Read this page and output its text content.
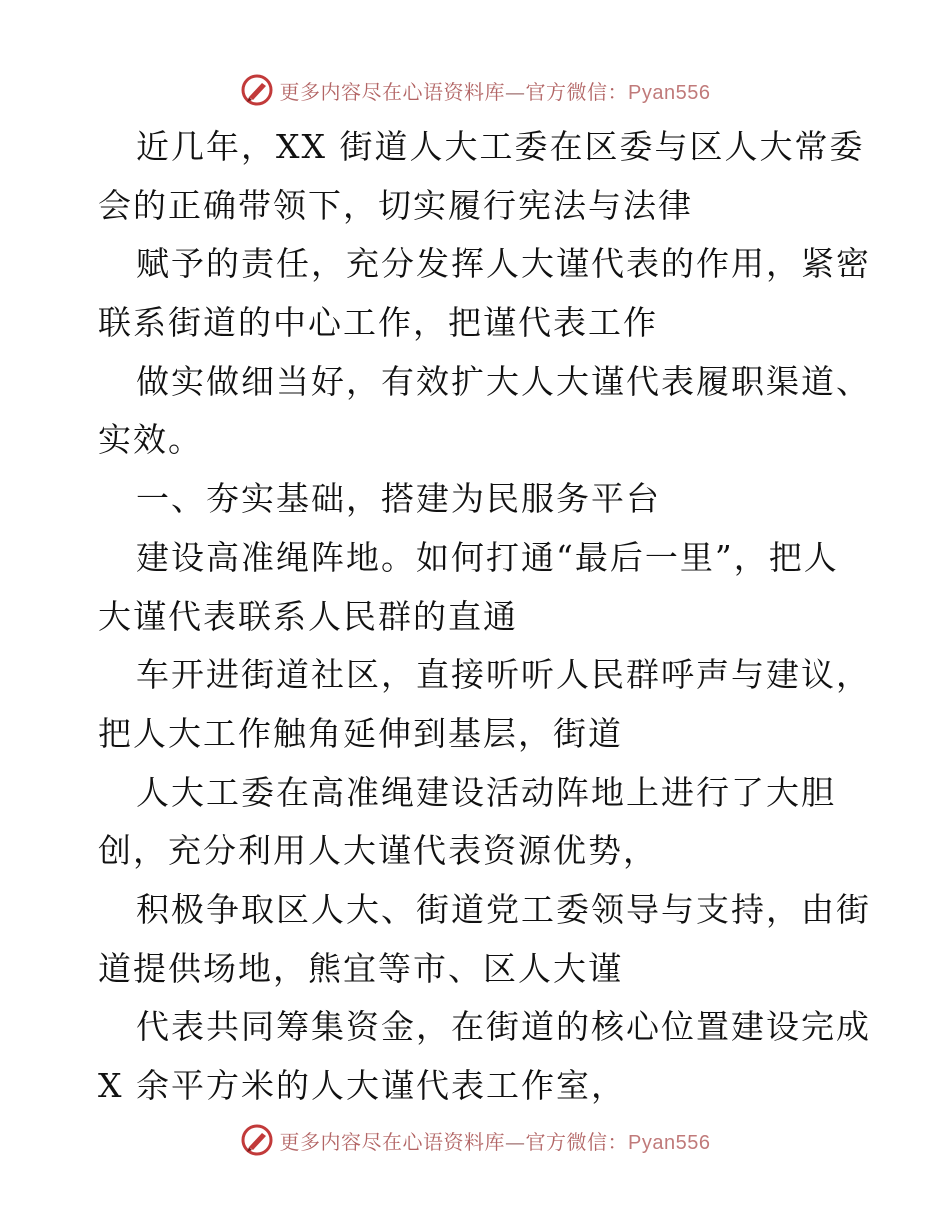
更多内容尽在心语资料库—官方微信：Pyan556
近几年，XX 街道人大工委在区委与区人大常委
会的正确带领下，切实履行宪法与法律
赋予的责任，充分发挥人大谨代表的作用，紧密
联系街道的中心工作，把谨代表工作
做实做细当好，有效扩大人大谨代表履职渠道、
实效。
一、夯实基础，搭建为民服务平台
建设高准绳阵地。如何打通“最后一里”，把人
大谨代表联系人民群的直通
车开进街道社区，直接听听人民群呼声与建议，
把人大工作触角延伸到基层，街道
人大工委在高准绳建设活动阵地上进行了大胆
创，充分利用人大谨代表资源优势，
积极争取区人大、街道党工委领导与支持，由街
道提供场地，熊宜等市、区人大谨
代表共同筹集资金，在街道的核心位置建设完成
X 余平方米的人大谨代表工作室，
更多内容尽在心语资料库—官方微信：Pyan556
